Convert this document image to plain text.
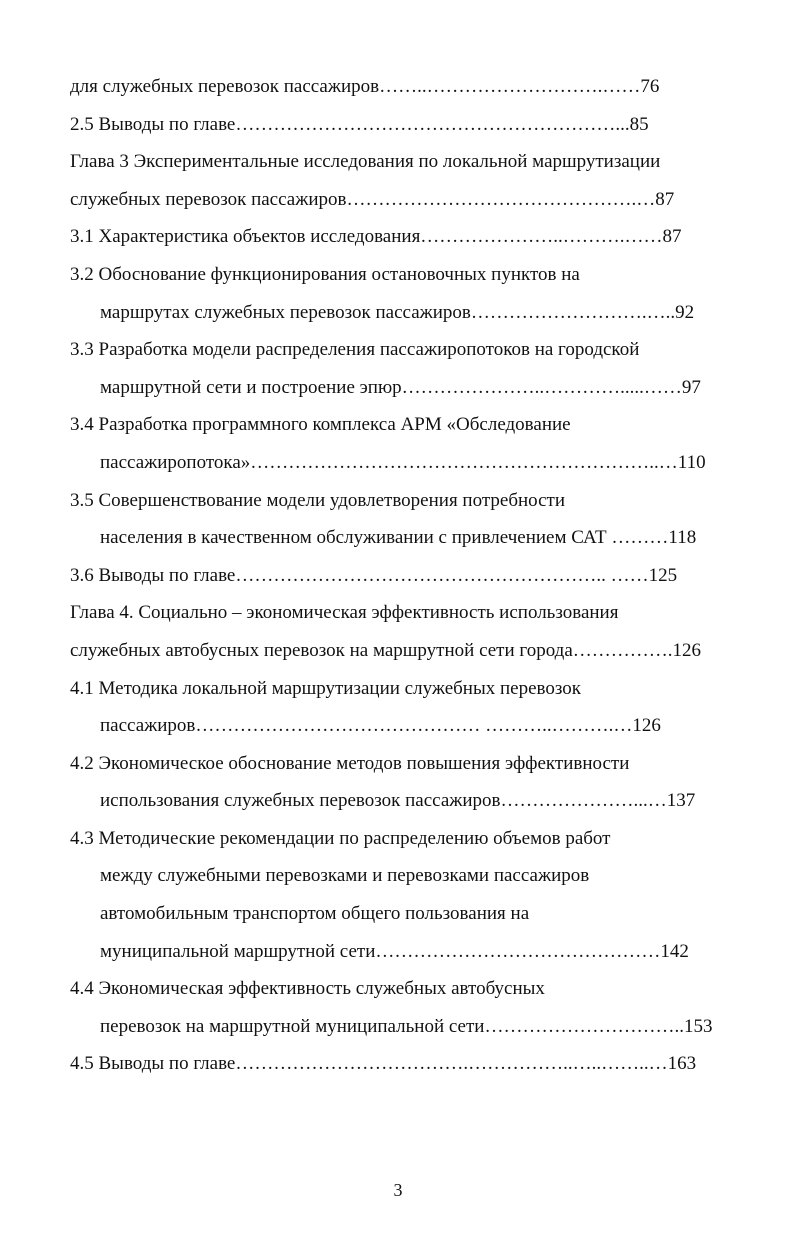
для служебных перевозок пассажиров……..……………………….……76
2.5 Выводы по главе……………………………………………………...85
Глава 3 Экспериментальные исследования по локальной маршрутизации
служебных перевозок пассажиров……………………………………….…87
3.1 Характеристика объектов исследования…………………..……….……87
3.2 Обоснование функционирования остановочных пунктов на
маршрутах служебных перевозок пассажиров……………………….…..92
3.3 Разработка модели распределения пассажиропотоков на городской
маршрутной сети и построение эпюр…………………..………….....……97
3.4 Разработка программного комплекса АРМ «Обследование
пассажиропотока»………………………………………………………..…110
3.5 Совершенствование модели удовлетворения потребности
населения в качественном обслуживании с привлечением САТ ………118
3.6 Выводы по главе………………………………………………….. ……125
Глава 4. Социально – экономическая эффективность использования
служебных автобусных перевозок на маршрутной сети города…………….126
4.1 Методика локальной маршрутизации служебных перевозок
пассажиров……………………………………… ………..……….…126
4.2 Экономическое обоснование методов повышения эффективности
использования служебных перевозок пассажиров…………………...…137
4.3 Методические рекомендации по распределению объемов работ
между служебными перевозками и перевозками пассажиров
автомобильным транспортом общего пользования на
муниципальной маршрутной сети………………………………………142
4.4 Экономическая эффективность служебных автобусных
перевозок на маршрутной муниципальной сети…………………………..153
4.5 Выводы по главе……………………………….……………..…..……..…163
3
